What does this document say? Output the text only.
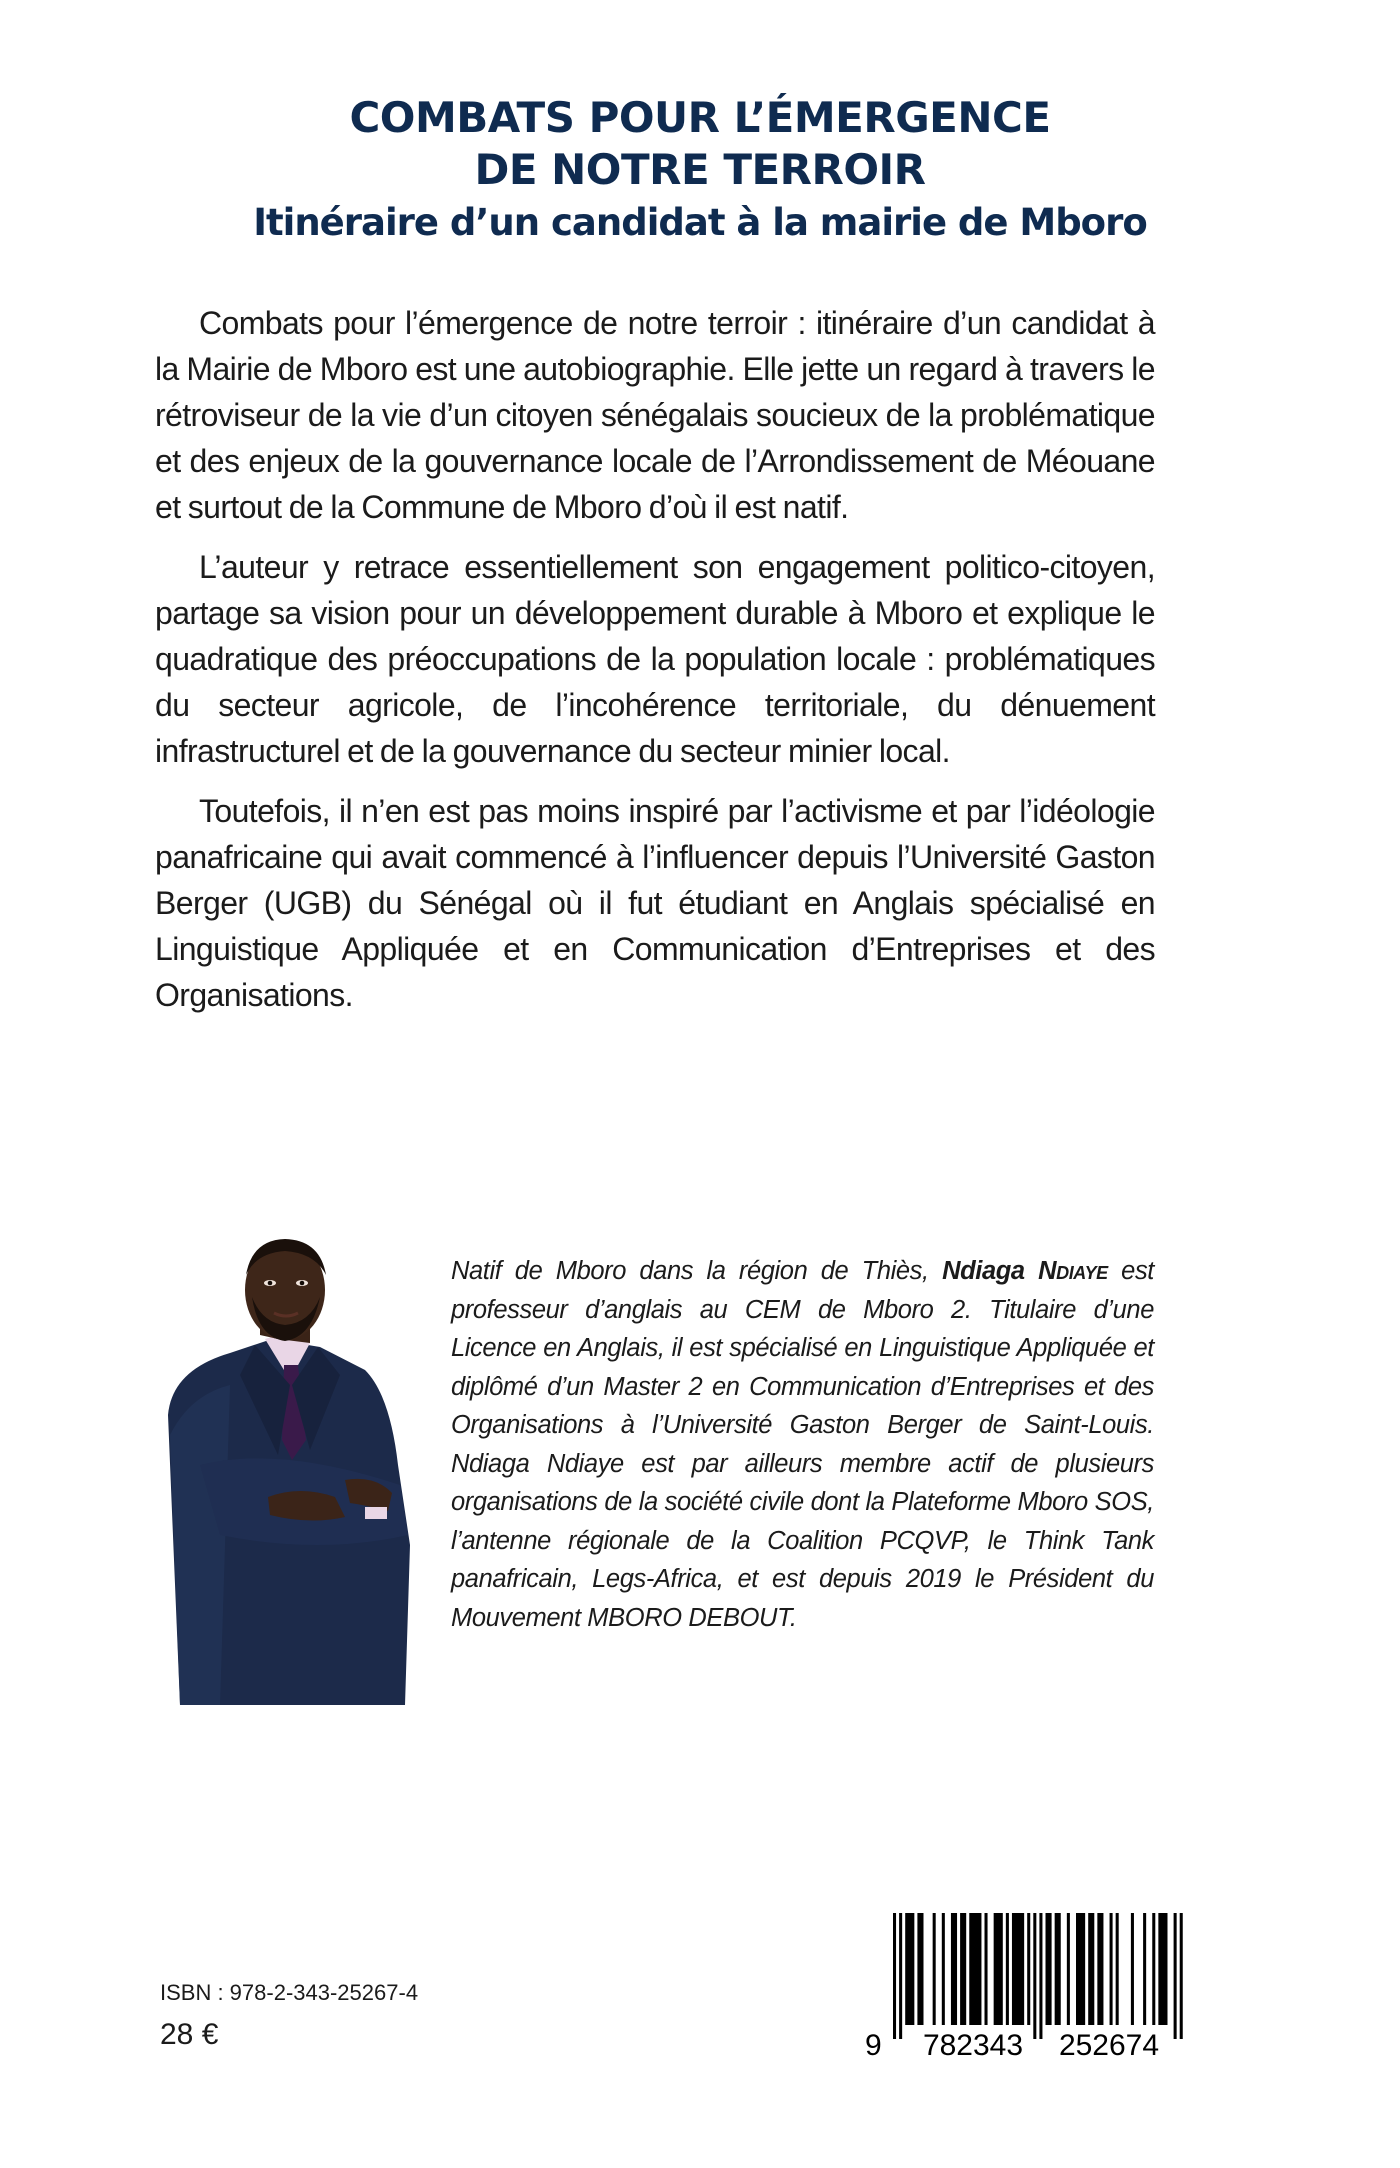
COMBATS POUR L’ÉMERGENCE
DE NOTRE TERROIR
Itinéraire d’un candidat à la mairie de Mboro

Combats pour l’émergence de notre terroir : itinéraire d’un candidat à la Mairie de Mboro est une autobiographie. Elle jette un regard à travers le rétroviseur de la vie d’un citoyen sénégalais soucieux de la problématique et des enjeux de la gouvernance locale de l’Arrondissement de Méouane et surtout de la Commune de Mboro d’où il est natif.

L’auteur y retrace essentiellement son engagement politico-citoyen, partage sa vision pour un développement durable à Mboro et explique le quadratique des préoccupations de la population locale : problématiques du secteur agricole, de l’incohérence territoriale, du dénuement infrastructurel et de la gouvernance du secteur minier local.

Toutefois, il n’en est pas moins inspiré par l’activisme et par l’idéologie panafricaine qui avait commencé à l’influencer depuis l’Université Gaston Berger (UGB) du Sénégal où il fut étudiant en Anglais spécialisé en Linguistique Appliquée et en Communication d’Entreprises et des Organisations.

Natif de Mboro dans la région de Thiès, Ndiaga Ndiaye est professeur d’anglais au CEM de Mboro 2. Titulaire d’une Licence en Anglais, il est spécialisé en Linguistique Appliquée et diplômé d’un Master 2 en Communication d’Entreprises et des Organisations à l’Université Gaston Berger de Saint-Louis. Ndiaga Ndiaye est par ailleurs membre actif de plusieurs organisations de la société civile dont la Plateforme Mboro SOS, l’antenne régionale de la Coalition PCQVP, le Think Tank panafricain, Legs-Africa, et est depuis 2019 le Président du Mouvement MBORO DEBOUT.

ISBN : 978-2-343-25267-4
28 €	9 782343 252674
